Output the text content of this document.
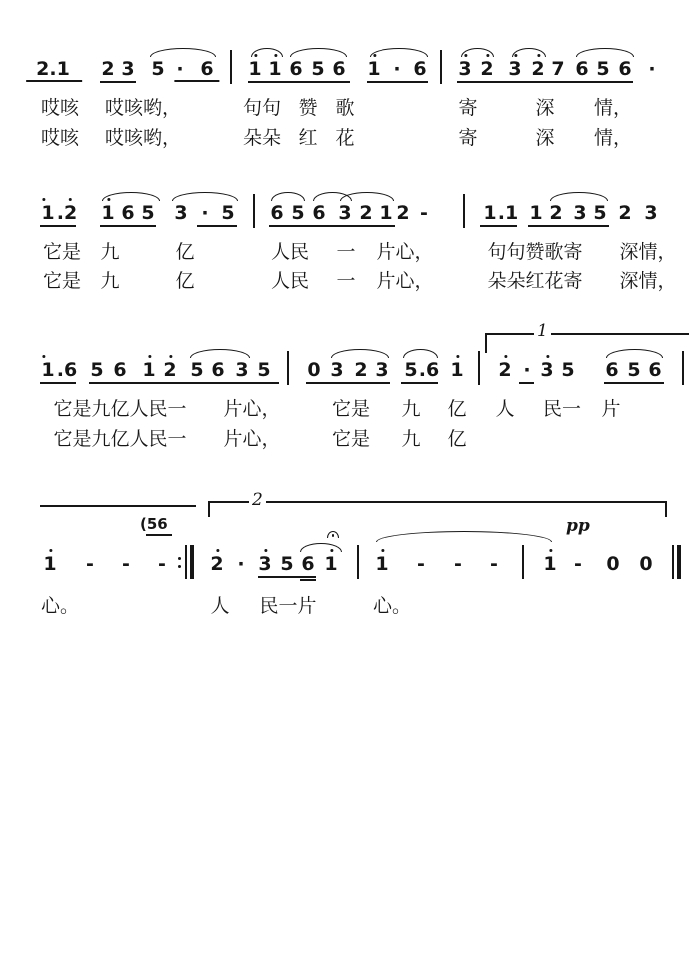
2.1 2 3 5 · 6 1 1 6 5 6 1 · 6 3 2 3 2 7 6 5 6 ·
哎咳 哎咳哟，	句句 赞 歌	寄	深 情，
哎咳 哎咳哟，	朵朵 红 花	寄	深 情，
1 .2 1 6 5 3 · 5 6 5 6 3 2 1 2 -	1 .1 1 2 3 5 2 3
它是 九	亿	人民 一 片心，	句句赞歌寄 深情，
它是 九	亿	人民 一 片心，	朵朵红花寄 深情，
1
1 .6 5 6 1 2 5 6 3 5 0 3 2 3 5 .6 1 2 · 3 5 6 5 6
它是九亿人民一 片心，	它是 九 亿 人 民一 片
它是九亿人民一 片心，	它是 九 亿
2
(56	pp
1 - - - 2 · 3 5 6 1 1 - - - 1 - 0 0
心。	人 民一片	心。
